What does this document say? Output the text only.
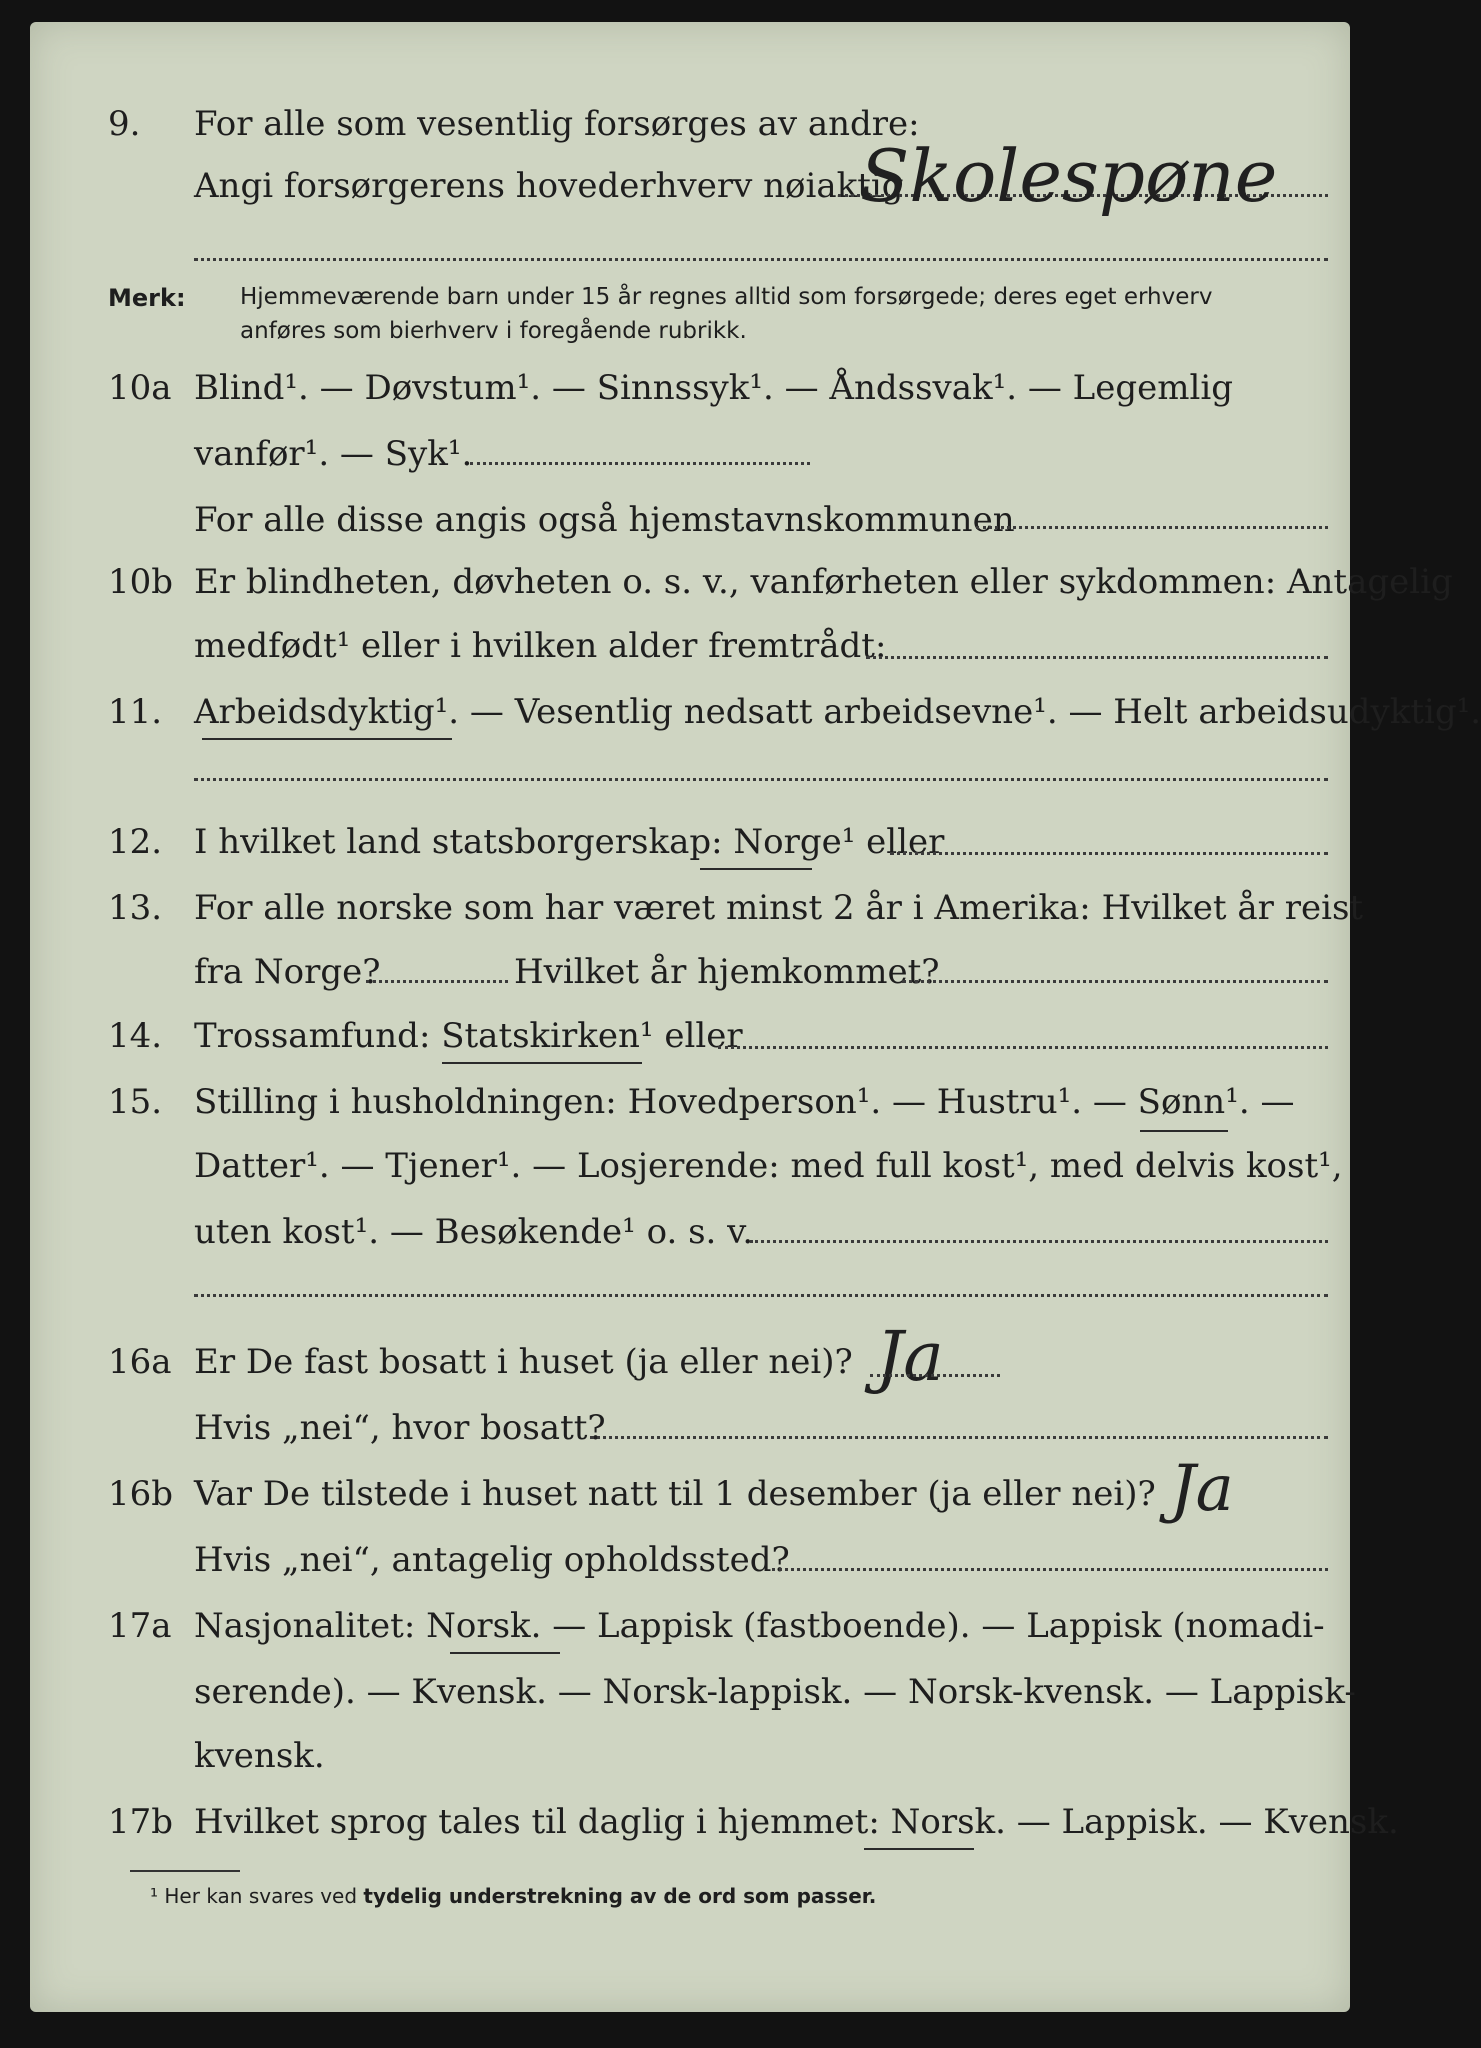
9. For alle som vesentlig forsørges av andre:
Angi forsørgerens hovederhverv nøiaktig
Skolespøne
Merk: Hjemmeværende barn under 15 år regnes alltid som forsørgede; deres eget erhverv
anføres som bierhverv i foregående rubrikk.
10a Blind¹. — Døvstum¹. — Sinnssyk¹. — Åndssvak¹. — Legemlig
vanfør¹. — Syk¹.
For alle disse angis også hjemstavnskommunen
10b Er blindheten, døvheten o. s. v., vanførheten eller sykdommen: Antagelig
medfødt¹ eller i hvilken alder fremtrådt:
11. Arbeidsdyktig¹. — Vesentlig nedsatt arbeidsevne¹. — Helt arbeidsudyktig¹.
12. I hvilket land statsborgerskap: Norge¹ eller
13. For alle norske som har været minst 2 år i Amerika: Hvilket år reist
fra Norge?	Hvilket år hjemkommet?
14. Trossamfund: Statskirken¹ eller
15. Stilling i husholdningen: Hovedperson¹. — Hustru¹. — Sønn¹. —
Datter¹. — Tjener¹. — Losjerende: med full kost¹, med delvis kost¹,
uten kost¹. — Besøkende¹ o. s. v.
16a Er De fast bosatt i huset (ja eller nei)? Ja
Hvis „nei“, hvor bosatt?
16b Var De tilstede i huset natt til 1 desember (ja eller nei)? Ja
Hvis „nei“, antagelig opholdssted?
17a Nasjonalitet: Norsk. — Lappisk (fastboende). — Lappisk (nomadi-
serende). — Kvensk. — Norsk-lappisk. — Norsk-kvensk. — Lappisk-
kvensk.
17b Hvilket sprog tales til daglig i hjemmet: Norsk. — Lappisk. — Kvensk.
¹ Her kan svares ved tydelig understrekning av de ord som passer.
